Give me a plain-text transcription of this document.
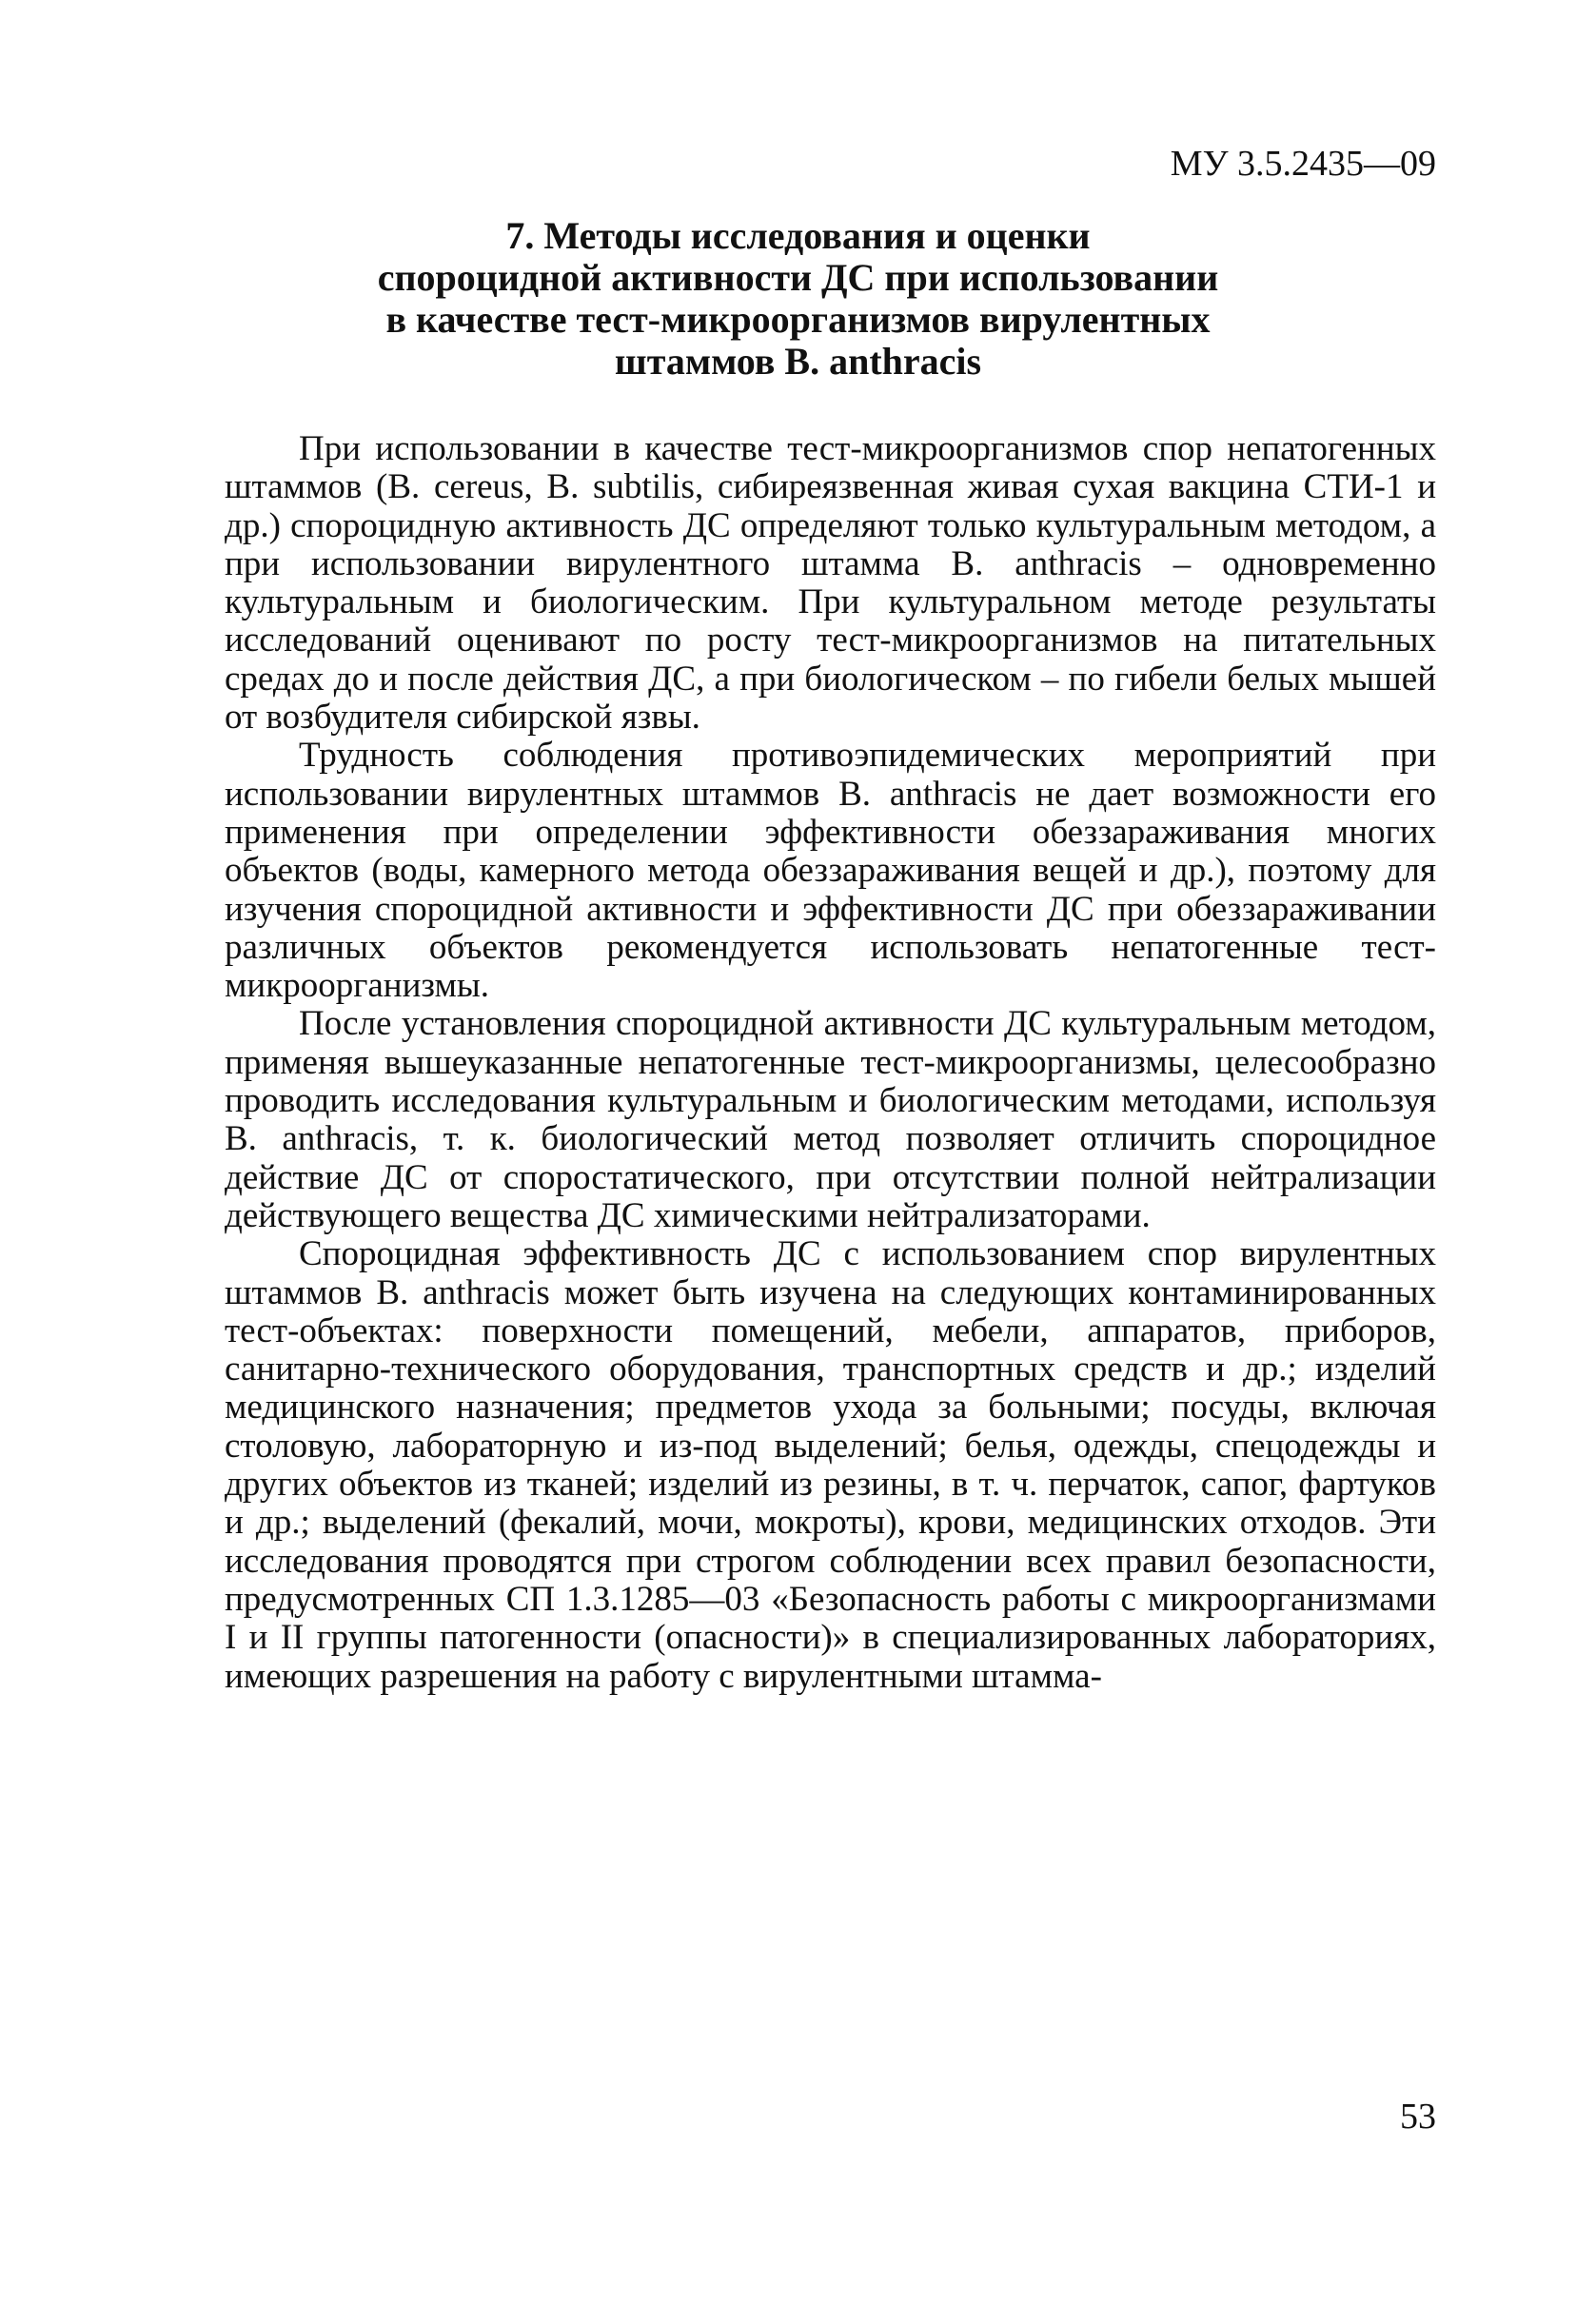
МУ 3.5.2435—09
7. Методы исследования и оценки
спороцидной активности ДС при использовании
в качестве тест-микроорганизмов вирулентных
штаммов B. anthracis

При использовании в качестве тест-микроорганизмов спор непатогенных штаммов (B. cereus, B. subtilis, сибиреязвенная живая сухая вакцина СТИ-1 и др.) спороцидную активность ДС определяют только культуральным методом, а при использовании вирулентного штамма B. anthracis – одновременно культуральным и биологическим. При культуральном методе результаты исследований оценивают по росту тест-микроорганизмов на питательных средах до и после действия ДС, а при биологическом – по гибели белых мышей от возбудителя сибирской язвы.

Трудность соблюдения противоэпидемических мероприятий при использовании вирулентных штаммов B. anthracis не дает возможности его применения при определении эффективности обеззараживания многих объектов (воды, камерного метода обеззараживания вещей и др.), поэтому для изучения спороцидной активности и эффективности ДС при обеззараживании различных объектов рекомендуется использовать непатогенные тест-микроорганизмы.

После установления спороцидной активности ДС культуральным методом, применяя вышеуказанные непатогенные тест-микроорганизмы, целесообразно проводить исследования культуральным и биологическим методами, используя B. anthracis, т. к. биологический метод позволяет отличить спороцидное действие ДС от споростатического, при отсутствии полной нейтрализации действующего вещества ДС химическими нейтрализаторами.

Спороцидная эффективность ДС с использованием спор вирулентных штаммов B. anthracis может быть изучена на следующих контаминированных тест-объектах: поверхности помещений, мебели, аппаратов, приборов, санитарно-технического оборудования, транспортных средств и др.; изделий медицинского назначения; предметов ухода за больными; посуды, включая столовую, лабораторную и из-под выделений; белья, одежды, спецодежды и других объектов из тканей; изделий из резины, в т. ч. перчаток, сапог, фартуков и др.; выделений (фекалий, мочи, мокроты), крови, медицинских отходов. Эти исследования проводятся при строгом соблюдении всех правил безопасности, предусмотренных СП 1.3.1285—03 «Безопасность работы с микроорганизмами I и II группы патогенности (опасности)» в специализированных лабораториях, имеющих разрешения на работу с вирулентными штамма-

53
